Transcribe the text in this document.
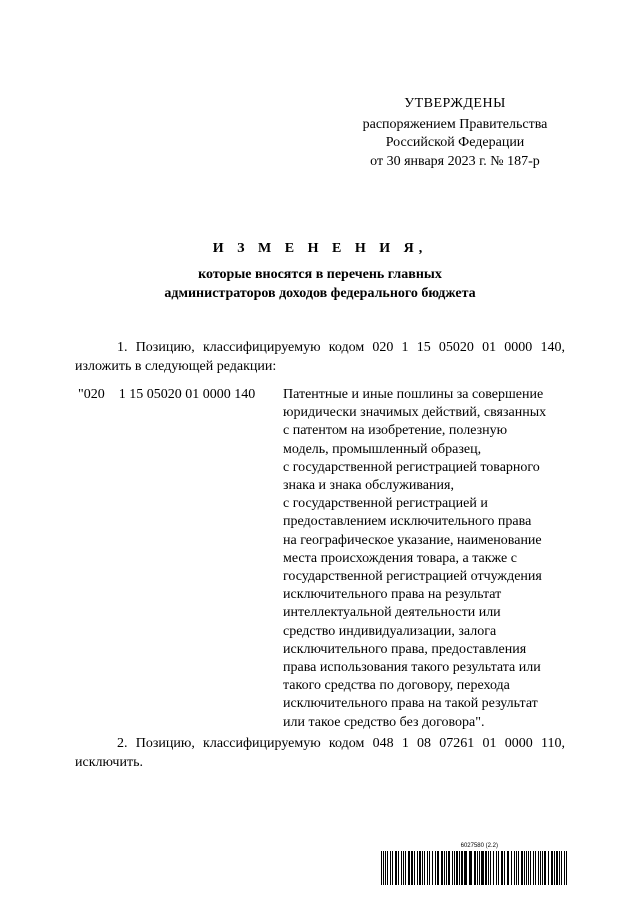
УТВЕРЖДЕНЫ
распоряжением Правительства
Российской Федерации
от 30 января 2023 г. № 187-р
И З М Е Н Е Н И Я,
которые вносятся в перечень главных
администраторов доходов федерального бюджета
1. Позицию, классифицируемую кодом 020 1 15 05020 01 0000 140,
изложить в следующей редакции:
"020    1 15 05020 01 0000 140 Патентные и иные пошлины за совершение
юридически значимых действий, связанных
с патентом на изобретение, полезную
модель, промышленный образец,
с государственной регистрацией товарного
знака и знака обслуживания,
с государственной регистрацией и
предоставлением исключительного права
на географическое указание, наименование
места происхождения товара, а также с
государственной регистрацией отчуждения
исключительного права на результат
интеллектуальной деятельности или
средство индивидуализации, залога
исключительного права, предоставления
права использования такого результата или
такого средства по договору, перехода
исключительного права на такой результат
или такое средство без договора".
2. Позицию, классифицируемую кодом 048 1 08 07261 01 0000 110,
исключить.
6027580 (2.2)
